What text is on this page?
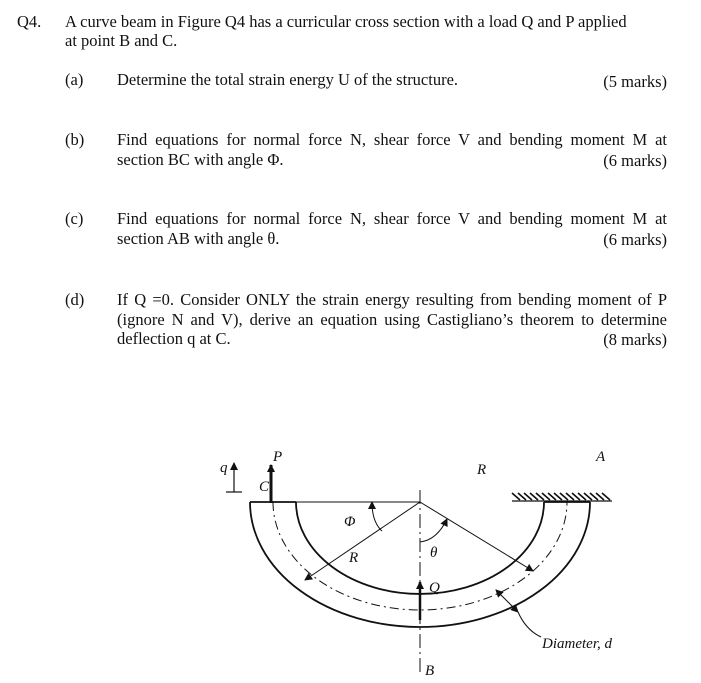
Q4. A curve beam in Figure Q4 has a curricular cross section with a load Q and P applied
at point B and C.
(a) Determine the total strain energy U of the structure.	(5 marks)
(b) Find equations for normal force N, shear force V and bending moment M at section BC with angle Φ.	(6 marks)
(c) Find equations for normal force N, shear force V and bending moment M at section AB with angle θ.	(6 marks)
(d) If Q =0. Consider ONLY the strain energy resulting from bending moment of P (ignore N and V), derive an equation using Castigliano’s theorem to determine deflection q at C.	(8 marks)
q
P
C
A
R
R
Φ
θ
Q
B
Diameter, d
